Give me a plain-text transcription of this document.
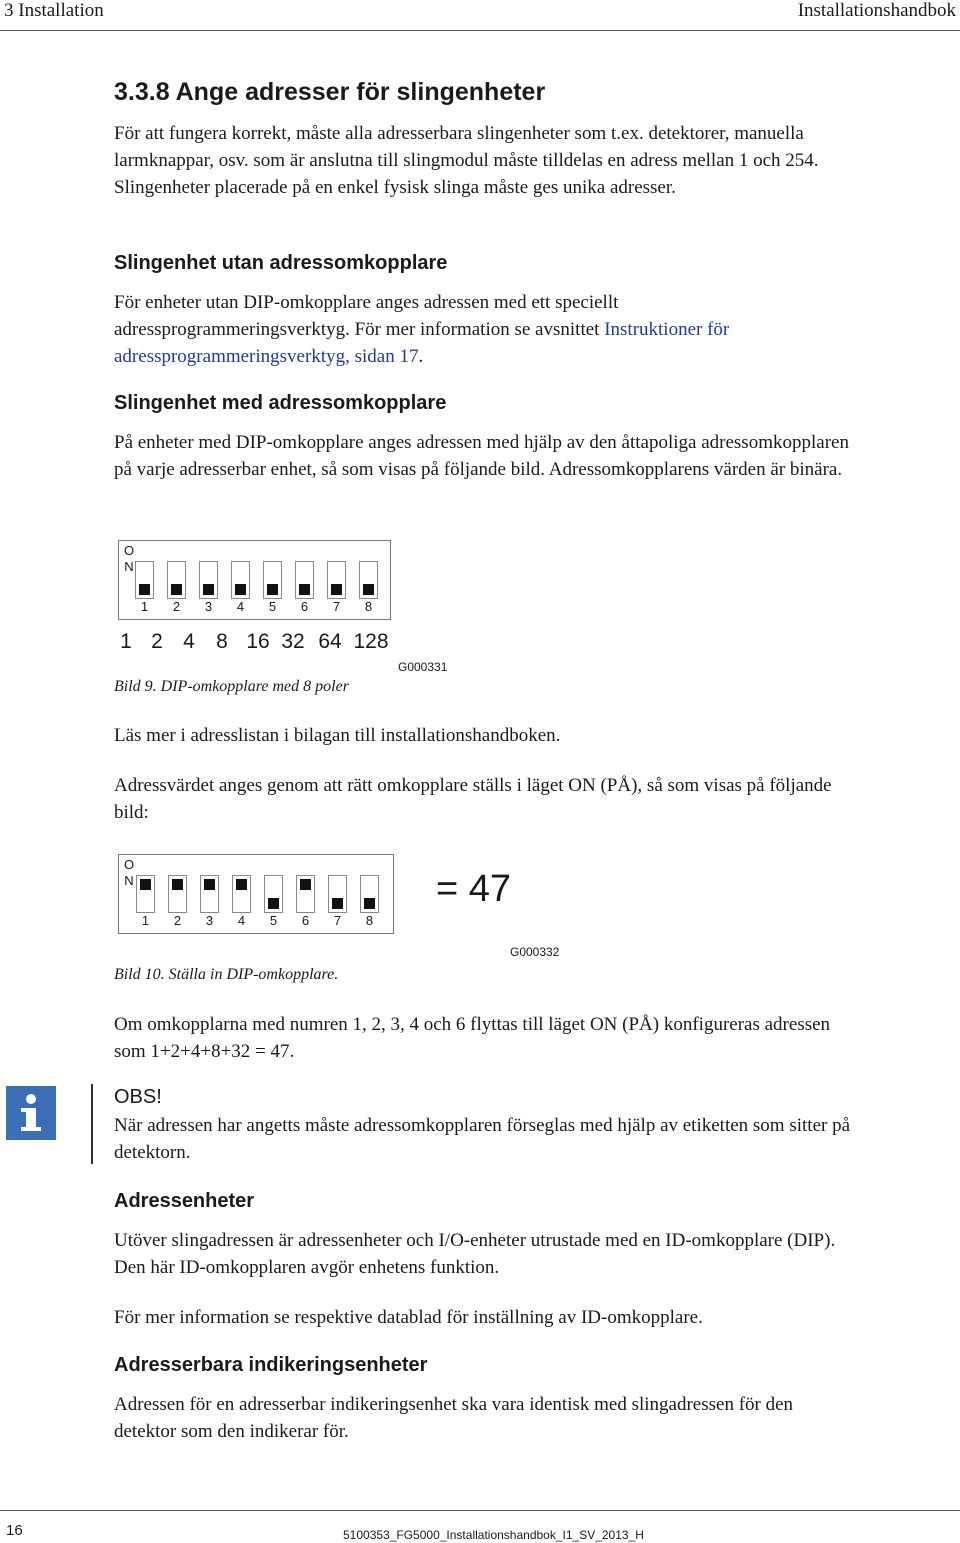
3 Installation	Installationshandbok
3.3.8 Ange adresser för slingenheter
För att fungera korrekt, måste alla adresserbara slingenheter som t.ex. detektorer, manuella larmknappar, osv. som är anslutna till slingmodul måste tilldelas en adress mellan 1 och 254. Slingenheter placerade på en enkel fysisk slinga måste ges unika adresser.
Slingenhet utan adressomkopplare
För enheter utan DIP-omkopplare anges adressen med ett speciellt adressprogrammeringsverktyg. För mer information se avsnittet Instruktioner för adressprogrammeringsverktyg, sidan 17.
Slingenhet med adressomkopplare
På enheter med DIP-omkopplare anges adressen med hjälp av den åttapoliga adressomkopplaren på varje adresserbar enhet, så som visas på följande bild. Adressomkopplarens värden är binära.
O
N
1	2	3	4	5	6	7	8
1 2 4	8 16 32 64 128
G000331
Bild 9. DIP-omkopplare med 8 poler
Läs mer i adresslistan i bilagan till installationshandboken.
Adressvärdet anges genom att rätt omkopplare ställs i läget ON (PÅ), så som visas på följande bild:
O
N
1	2	3	4	5	6	7	8
= 47
G000332
Bild 10. Ställa in DIP-omkopplare.
Om omkopplarna med numren 1, 2, 3, 4 och 6 flyttas till läget ON (PÅ) konfigureras adressen som 1+2+4+8+32 = 47.
OBS!
När adressen har angetts måste adressomkopplaren förseglas med hjälp av etiketten som sitter på detektorn.
Adressenheter
Utöver slingadressen är adressenheter och I/O-enheter utrustade med en ID-omkopplare (DIP). Den här ID-omkopplaren avgör enhetens funktion.
För mer information se respektive datablad för inställning av ID-omkopplare.
Adresserbara indikeringsenheter
Adressen för en adresserbar indikeringsenhet ska vara identisk med slingadressen för den detektor som den indikerar för.
16	5100353_FG5000_Installationshandbok_I1_SV_2013_H
